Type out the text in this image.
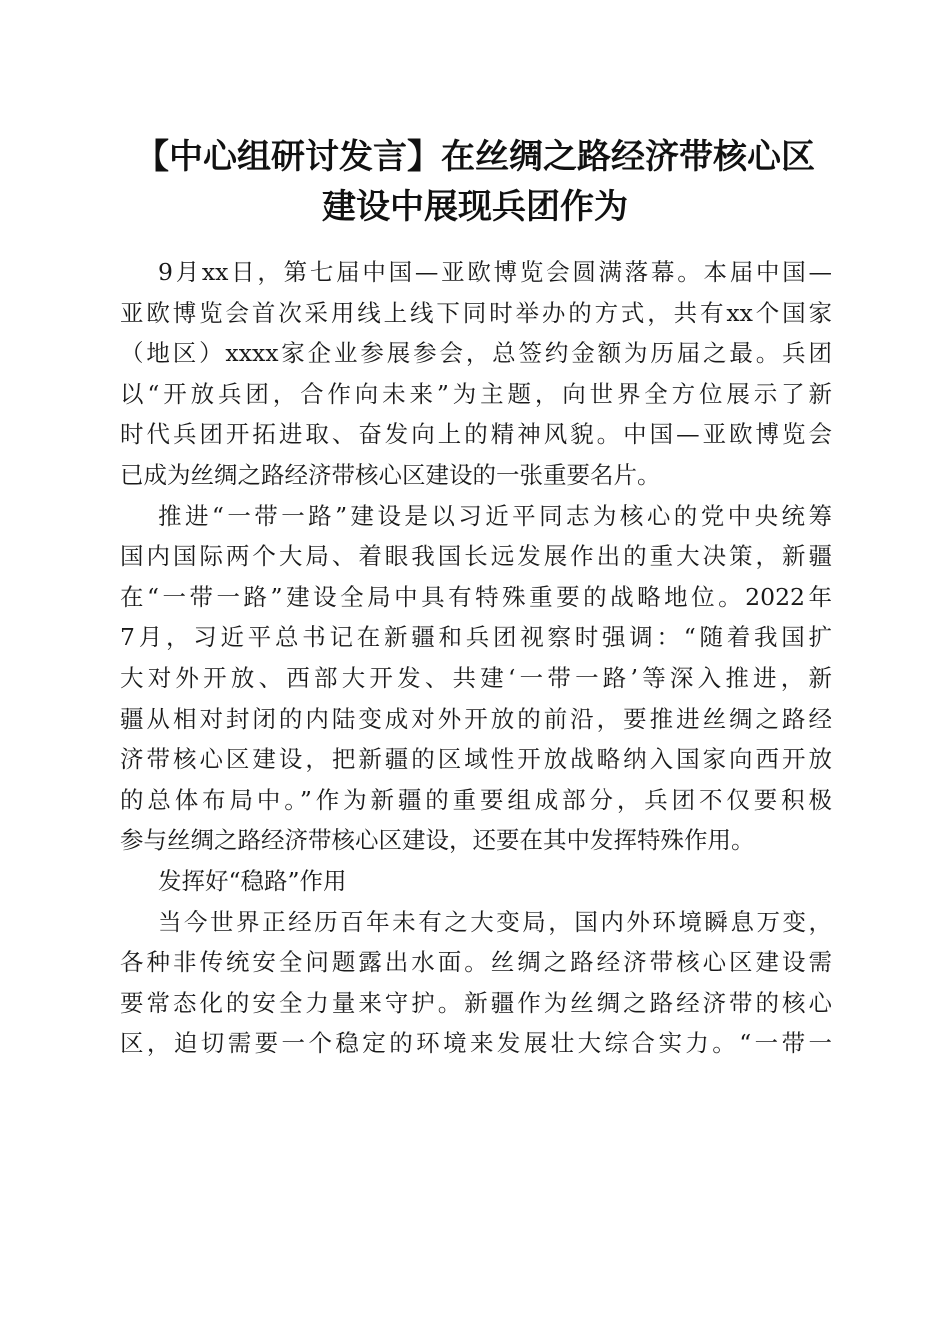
【中心组研讨发言】在丝绸之路经济带核心区
建设中展现兵团作为
9月xx日，第七届中国—亚欧博览会圆满落幕。本届中国—
亚欧博览会首次采用线上线下同时举办的方式，共有xx个国家
（地区）xxxx家企业参展参会，总签约金额为历届之最。兵团
以“开放兵团，合作向未来”为主题，向世界全方位展示了新
时代兵团开拓进取、奋发向上的精神风貌。中国—亚欧博览会
已成为丝绸之路经济带核心区建设的一张重要名片。
推进“一带一路”建设是以习近平同志为核心的党中央统筹
国内国际两个大局、着眼我国长远发展作出的重大决策，新疆
在“一带一路”建设全局中具有特殊重要的战略地位。2022年
7月，习近平总书记在新疆和兵团视察时强调：“随着我国扩
大对外开放、西部大开发、共建‘一带一路’等深入推进，新
疆从相对封闭的内陆变成对外开放的前沿，要推进丝绸之路经
济带核心区建设，把新疆的区域性开放战略纳入国家向西开放
的总体布局中。”作为新疆的重要组成部分，兵团不仅要积极
参与丝绸之路经济带核心区建设，还要在其中发挥特殊作用。
发挥好“稳路”作用
当今世界正经历百年未有之大变局，国内外环境瞬息万变，
各种非传统安全问题露出水面。丝绸之路经济带核心区建设需
要常态化的安全力量来守护。新疆作为丝绸之路经济带的核心
区，迫切需要一个稳定的环境来发展壮大综合实力。“一带一
